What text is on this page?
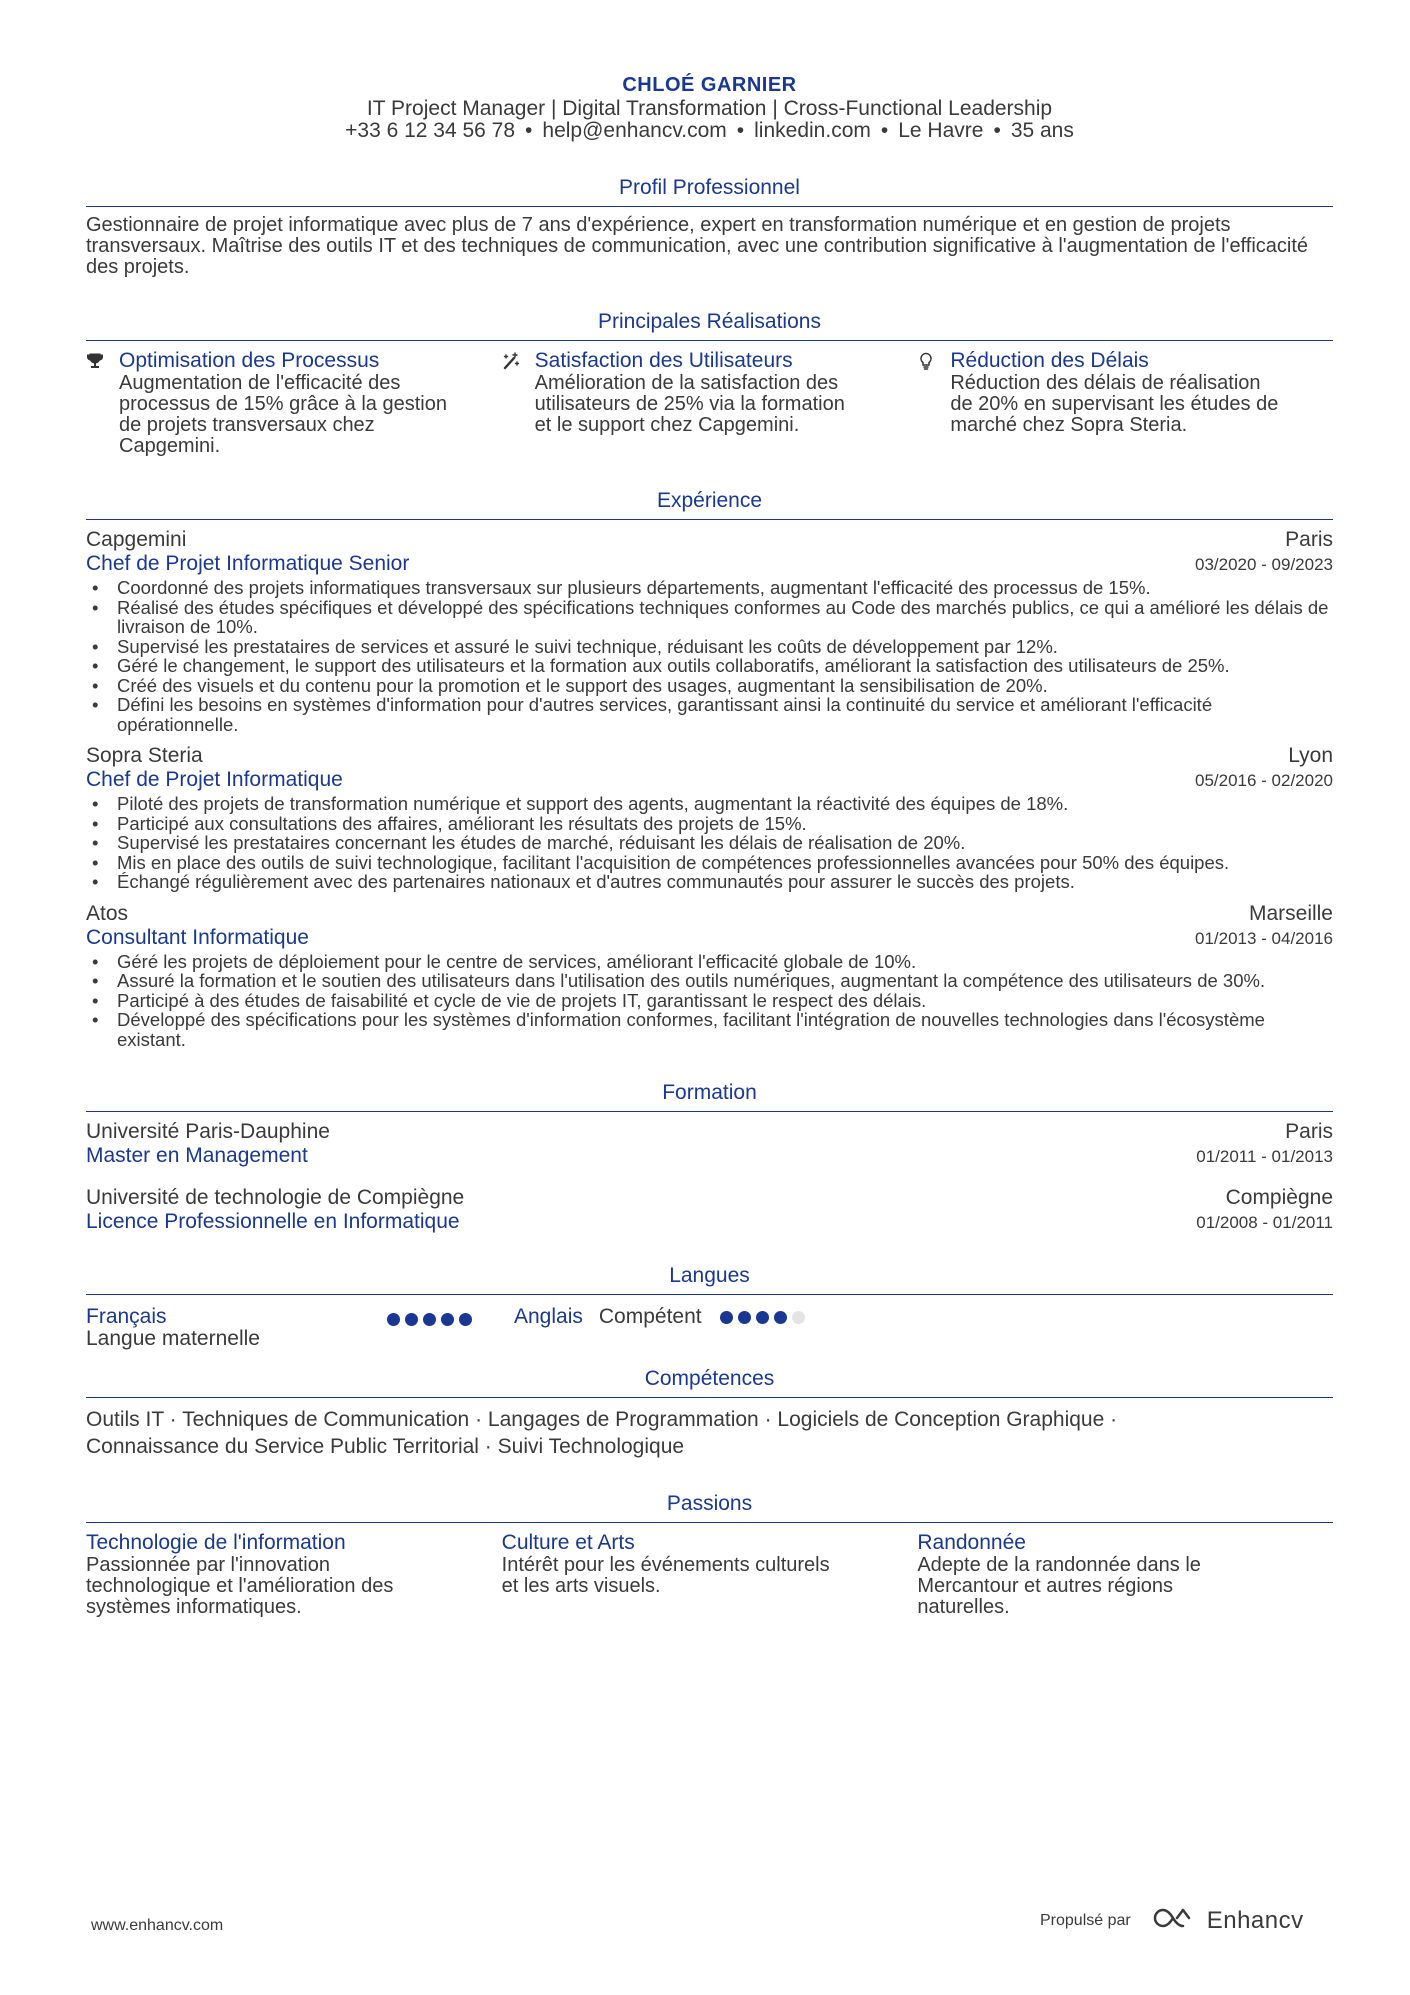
CHLOÉ GARNIER
IT Project Manager | Digital Transformation | Cross-Functional Leadership
+33 6 12 34 56 78 • help@enhancv.com • linkedin.com • Le Havre • 35 ans
Profil Professionnel
Gestionnaire de projet informatique avec plus de 7 ans d'expérience, expert en transformation numérique et en gestion de projets transversaux. Maîtrise des outils IT et des techniques de communication, avec une contribution significative à l'augmentation de l'efficacité des projets.
Principales Réalisations
Optimisation des Processus
Augmentation de l'efficacité des processus de 15% grâce à la gestion de projets transversaux chez Capgemini.
Satisfaction des Utilisateurs
Amélioration de la satisfaction des utilisateurs de 25% via la formation et le support chez Capgemini.
Réduction des Délais
Réduction des délais de réalisation de 20% en supervisant les études de marché chez Sopra Steria.
Expérience
Capgemini	Paris
Chef de Projet Informatique Senior	03/2020 - 09/2023
• Coordonné des projets informatiques transversaux sur plusieurs départements, augmentant l'efficacité des processus de 15%.
• Réalisé des études spécifiques et développé des spécifications techniques conformes au Code des marchés publics, ce qui a amélioré les délais de livraison de 10%.
• Supervisé les prestataires de services et assuré le suivi technique, réduisant les coûts de développement par 12%.
• Géré le changement, le support des utilisateurs et la formation aux outils collaboratifs, améliorant la satisfaction des utilisateurs de 25%.
• Créé des visuels et du contenu pour la promotion et le support des usages, augmentant la sensibilisation de 20%.
• Défini les besoins en systèmes d'information pour d'autres services, garantissant ainsi la continuité du service et améliorant l'efficacité opérationnelle.
Sopra Steria	Lyon
Chef de Projet Informatique	05/2016 - 02/2020
• Piloté des projets de transformation numérique et support des agents, augmentant la réactivité des équipes de 18%.
• Participé aux consultations des affaires, améliorant les résultats des projets de 15%.
• Supervisé les prestataires concernant les études de marché, réduisant les délais de réalisation de 20%.
• Mis en place des outils de suivi technologique, facilitant l'acquisition de compétences professionnelles avancées pour 50% des équipes.
• Échangé régulièrement avec des partenaires nationaux et d'autres communautés pour assurer le succès des projets.
Atos	Marseille
Consultant Informatique	01/2013 - 04/2016
• Géré les projets de déploiement pour le centre de services, améliorant l'efficacité globale de 10%.
• Assuré la formation et le soutien des utilisateurs dans l'utilisation des outils numériques, augmentant la compétence des utilisateurs de 30%.
• Participé à des études de faisabilité et cycle de vie de projets IT, garantissant le respect des délais.
• Développé des spécifications pour les systèmes d'information conformes, facilitant l'intégration de nouvelles technologies dans l'écosystème existant.
Formation
Université Paris-Dauphine	Paris
Master en Management	01/2011 - 01/2013
Université de technologie de Compiègne	Compiègne
Licence Professionnelle en Informatique	01/2008 - 01/2011
Langues
Français
Langue maternelle
Anglais Compétent
Compétences
Outils IT · Techniques de Communication · Langages de Programmation · Logiciels de Conception Graphique ·
Connaissance du Service Public Territorial · Suivi Technologique
Passions
Technologie de l'information
Passionnée par l'innovation technologique et l'amélioration des systèmes informatiques.
Culture et Arts
Intérêt pour les événements culturels et les arts visuels.
Randonnée
Adepte de la randonnée dans le Mercantour et autres régions naturelles.
www.enhancv.com	Propulsé par	Enhancv
